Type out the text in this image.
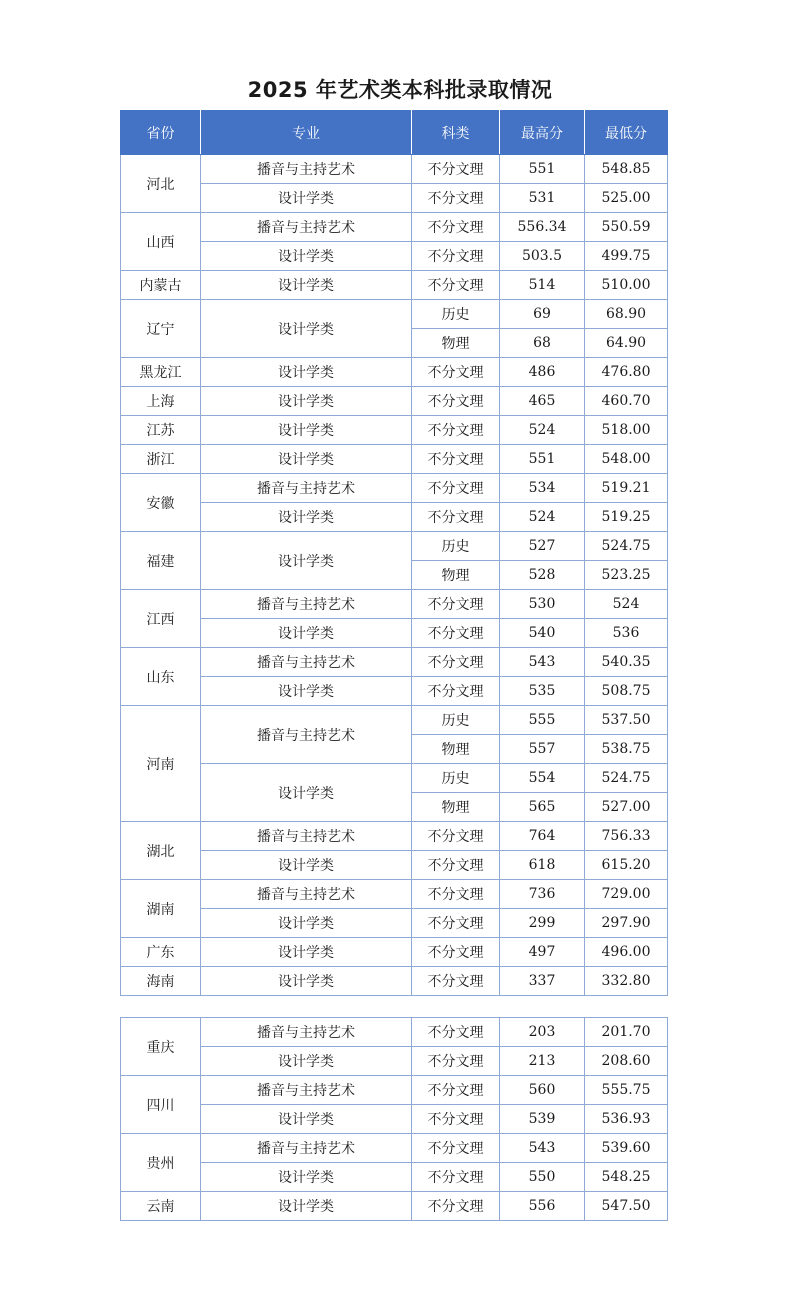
2025 年艺术类本科批录取情况
省份	专业	科类	最高分	最低分
河北	播音与主持艺术	不分文理	551	548.85
	设计学类	不分文理	531	525.00
山西	播音与主持艺术	不分文理	556.34	550.59
	设计学类	不分文理	503.5	499.75
内蒙古	设计学类	不分文理	514	510.00
辽宁	设计学类	历史	69	68.90
		物理	68	64.90
黑龙江	设计学类	不分文理	486	476.80
上海	设计学类	不分文理	465	460.70
江苏	设计学类	不分文理	524	518.00
浙江	设计学类	不分文理	551	548.00
安徽	播音与主持艺术	不分文理	534	519.21
	设计学类	不分文理	524	519.25
福建	设计学类	历史	527	524.75
		物理	528	523.25
江西	播音与主持艺术	不分文理	530	524
	设计学类	不分文理	540	536
山东	播音与主持艺术	不分文理	543	540.35
	设计学类	不分文理	535	508.75
河南	播音与主持艺术	历史	555	537.50
		物理	557	538.75
	设计学类	历史	554	524.75
		物理	565	527.00
湖北	播音与主持艺术	不分文理	764	756.33
	设计学类	不分文理	618	615.20
湖南	播音与主持艺术	不分文理	736	729.00
	设计学类	不分文理	299	297.90
广东	设计学类	不分文理	497	496.00
海南	设计学类	不分文理	337	332.80
重庆	播音与主持艺术	不分文理	203	201.70
	设计学类	不分文理	213	208.60
四川	播音与主持艺术	不分文理	560	555.75
	设计学类	不分文理	539	536.93
贵州	播音与主持艺术	不分文理	543	539.60
	设计学类	不分文理	550	548.25
云南	设计学类	不分文理	556	547.50
